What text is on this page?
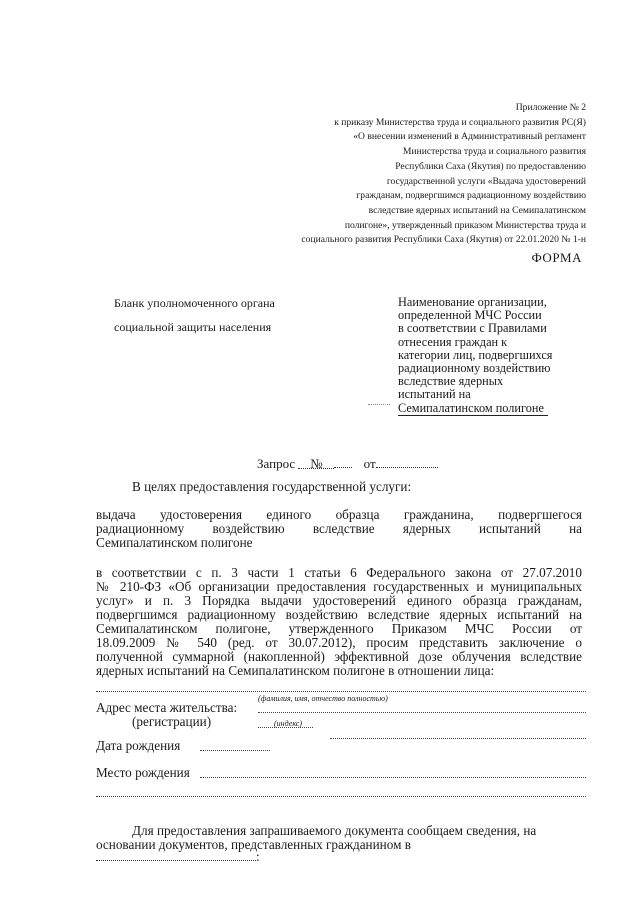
Приложение № 2
к приказу Министерства труда и социального развития РС(Я)
«О внесении изменений в Административный регламент
Министерства труда и социального развития
Республики Саха (Якутия) по предоставлению
государственной услуги «Выдача удостоверений
гражданам, подвергшимся радиационному воздействию
вследствие ядерных испытаний на Семипалатинском
полигоне», утвержденный приказом Министерства труда и
социального развития Республики Саха (Якутия) от 22.01.2020 № 1-н
ФОРМА
Бланк уполномоченного органа
социальной защиты населения
Наименование организации,
определенной МЧС России
в соответствии с Правилами
отнесения граждан к
категории лиц, подвергшихся
радиационному воздействию
вследствие ядерных
испытаний на
Семипалатинском полигоне
Запрос №	от
В целях предоставления государственной услуги:
выдача удостоверения единого образца гражданина, подвергшегося
радиационному воздействию вследствие ядерных испытаний на
Семипалатинском полигоне
в соответствии с п. 3 части 1 статьи 6 Федерального закона от 27.07.2010
№ 210-ФЗ «Об организации предоставления государственных и муниципальных
услуг» и п. 3 Порядка выдачи удостоверений единого образца гражданам,
подвергшимся радиационному воздействию вследствие ядерных испытаний на
Семипалатинском полигоне, утвержденного Приказом МЧС России от
18.09.2009 № 540 (ред. от 30.07.2012), просим представить заключение о
полученной суммарной (накопленной) эффективной дозе облучения вследствие
ядерных испытаний на Семипалатинском полигоне в отношении лица:
(фамилия, имя, отчество полностью)
Адрес места жительства:
(регистрации)	(индекс)
Дата рождения
Место рождения
Для предоставления запрашиваемого документа сообщаем сведения, на
основании документов, представленных гражданином в
:
